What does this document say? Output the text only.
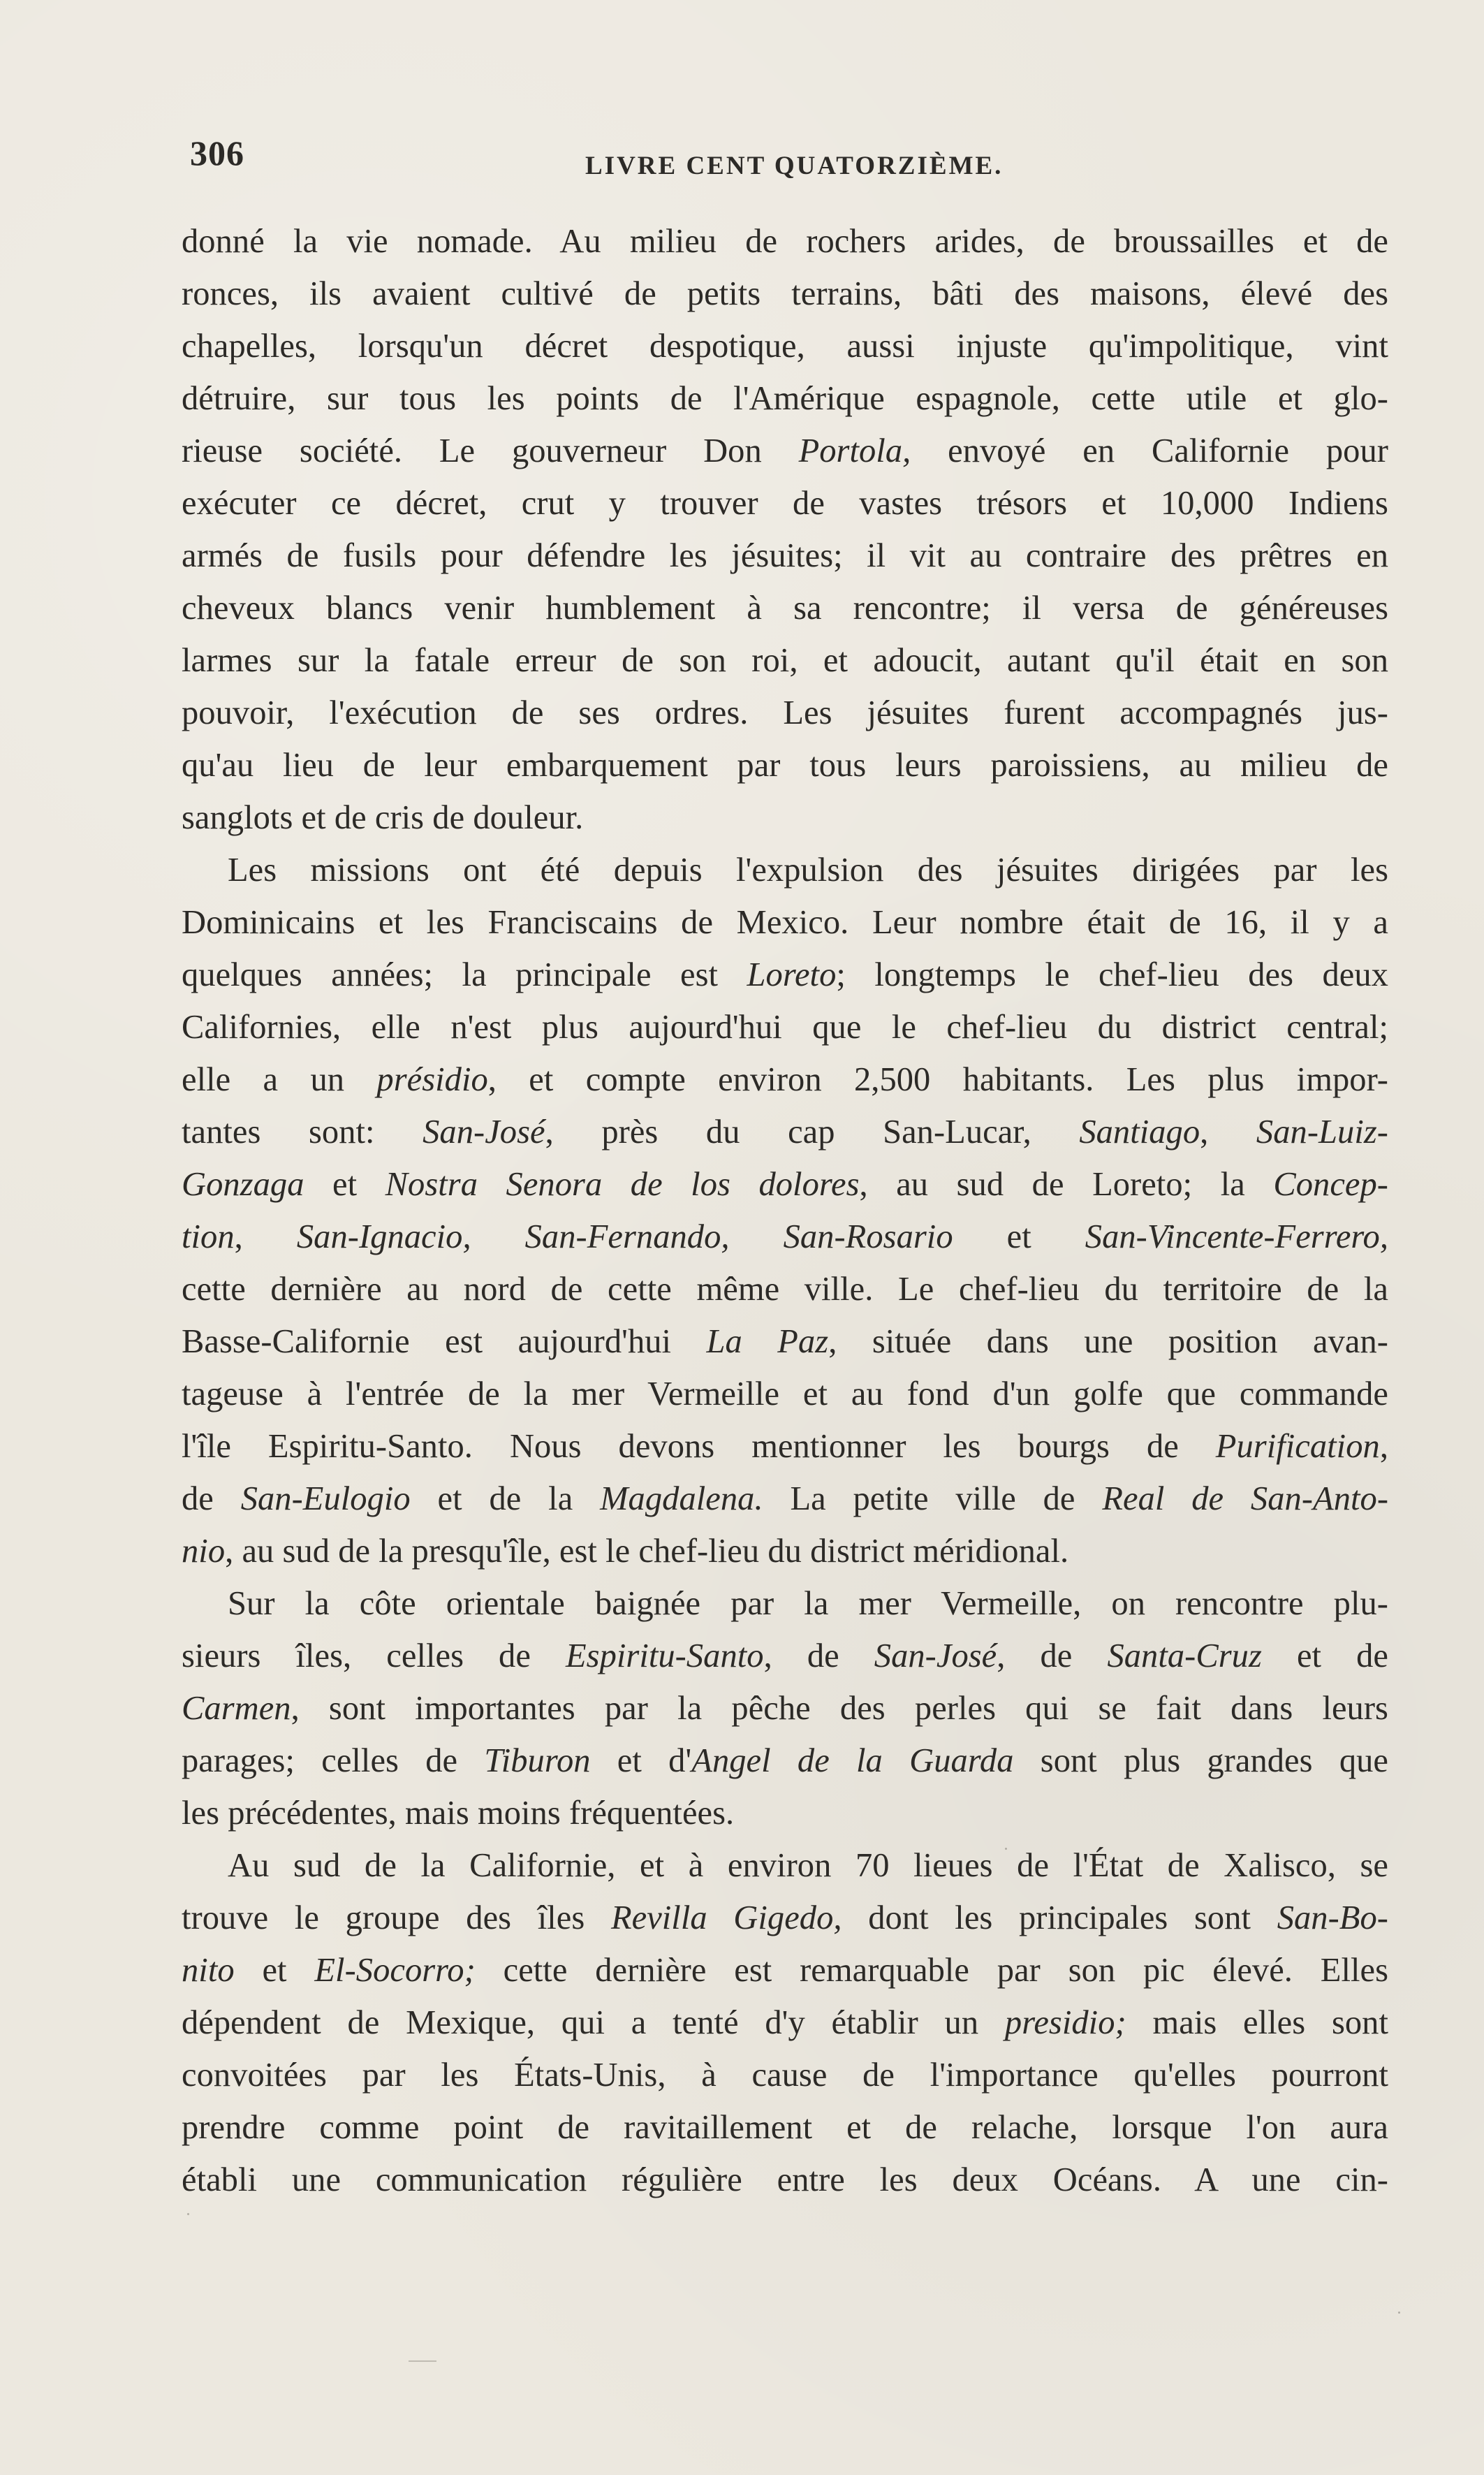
306	LIVRE CENT QUATORZIÈME.
donné la vie nomade. Au milieu de rochers arides, de broussailles et de
ronces, ils avaient cultivé de petits terrains, bâti des maisons, élevé des
chapelles, lorsqu'un décret despotique, aussi injuste qu'impolitique, vint
détruire, sur tous les points de l'Amérique espagnole, cette utile et glo-
rieuse société. Le gouverneur Don Portola, envoyé en Californie pour
exécuter ce décret, crut y trouver de vastes trésors et 10,000 Indiens
armés de fusils pour défendre les jésuites; il vit au contraire des prêtres en
cheveux blancs venir humblement à sa rencontre; il versa de généreuses
larmes sur la fatale erreur de son roi, et adoucit, autant qu'il était en son
pouvoir, l'exécution de ses ordres. Les jésuites furent accompagnés jus-
qu'au lieu de leur embarquement par tous leurs paroissiens, au milieu de
sanglots et de cris de douleur.
Les missions ont été depuis l'expulsion des jésuites dirigées par les
Dominicains et les Franciscains de Mexico. Leur nombre était de 16, il y a
quelques années; la principale est Loreto; longtemps le chef-lieu des deux
Californies, elle n'est plus aujourd'hui que le chef-lieu du district central;
elle a un présidio, et compte environ 2,500 habitants. Les plus impor-
tantes sont: San-José, près du cap San-Lucar, Santiago, San-Luiz-
Gonzaga et Nostra Senora de los dolores, au sud de Loreto; la Concep-
tion, San-Ignacio, San-Fernando, San-Rosario et San-Vincente-Ferrero,
cette dernière au nord de cette même ville. Le chef-lieu du territoire de la
Basse-Californie est aujourd'hui La Paz, située dans une position avan-
tageuse à l'entrée de la mer Vermeille et au fond d'un golfe que commande
l'île Espiritu-Santo. Nous devons mentionner les bourgs de Purification,
de San-Eulogio et de la Magdalena. La petite ville de Real de San-Anto-
nio, au sud de la presqu'île, est le chef-lieu du district méridional.
Sur la côte orientale baignée par la mer Vermeille, on rencontre plu-
sieurs îles, celles de Espiritu-Santo, de San-José, de Santa-Cruz et de
Carmen, sont importantes par la pêche des perles qui se fait dans leurs
parages; celles de Tiburon et d'Angel de la Guarda sont plus grandes que
les précédentes, mais moins fréquentées.
Au sud de la Californie, et à environ 70 lieues de l'État de Xalisco, se
trouve le groupe des îles Revilla Gigedo, dont les principales sont San-Bo-
nito et El-Socorro; cette dernière est remarquable par son pic élevé. Elles
dépendent de Mexique, qui a tenté d'y établir un presidio; mais elles sont
convoitées par les États-Unis, à cause de l'importance qu'elles pourront
prendre comme point de ravitaillement et de relache, lorsque l'on aura
établi une communication régulière entre les deux Océans. A une cin-
